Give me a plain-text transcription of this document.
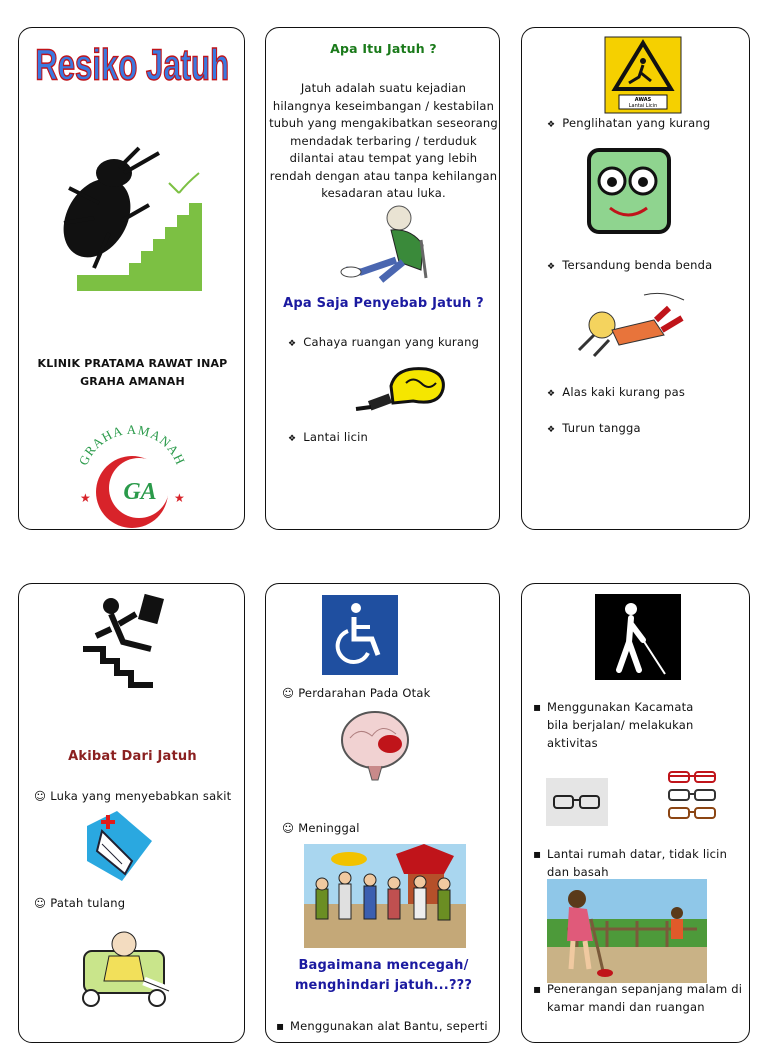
Resiko Jatuh
KLINIK PRATAMA RAWAT INAP
GRAHA AMANAH
GRAHA AMANAH
GA
★	★
Apa Itu Jatuh ?
Jatuh adalah suatu kejadian
hilangnya keseimbangan / kestabilan
tubuh yang mengakibatkan seseorang
mendadak terbaring / terduduk
dilantai atau tempat yang lebih
rendah dengan atau tanpa kehilangan
kesadaran atau luka.
Apa Saja Penyebab Jatuh ?
❖ Cahaya ruangan yang kurang
❖ Lantai licin
AWAS
Lantai Licin
❖ Penglihatan yang kurang
❖ Tersandung benda benda
❖ Alas kaki kurang pas
❖ Turun tangga
Akibat Dari Jatuh
☺ Luka yang menyebabkan sakit
☺ Patah tulang
☺ Perdarahan Pada Otak
☺ Meninggal
Bagaimana mencegah/
menghindari jatuh...???
▪ Menggunakan alat Bantu, seperti
▪ Menggunakan Kacamata
bila berjalan/ melakukan
aktivitas
▪ Lantai rumah datar, tidak licin
dan basah
▪ Penerangan sepanjang malam di
kamar mandi dan ruangan
